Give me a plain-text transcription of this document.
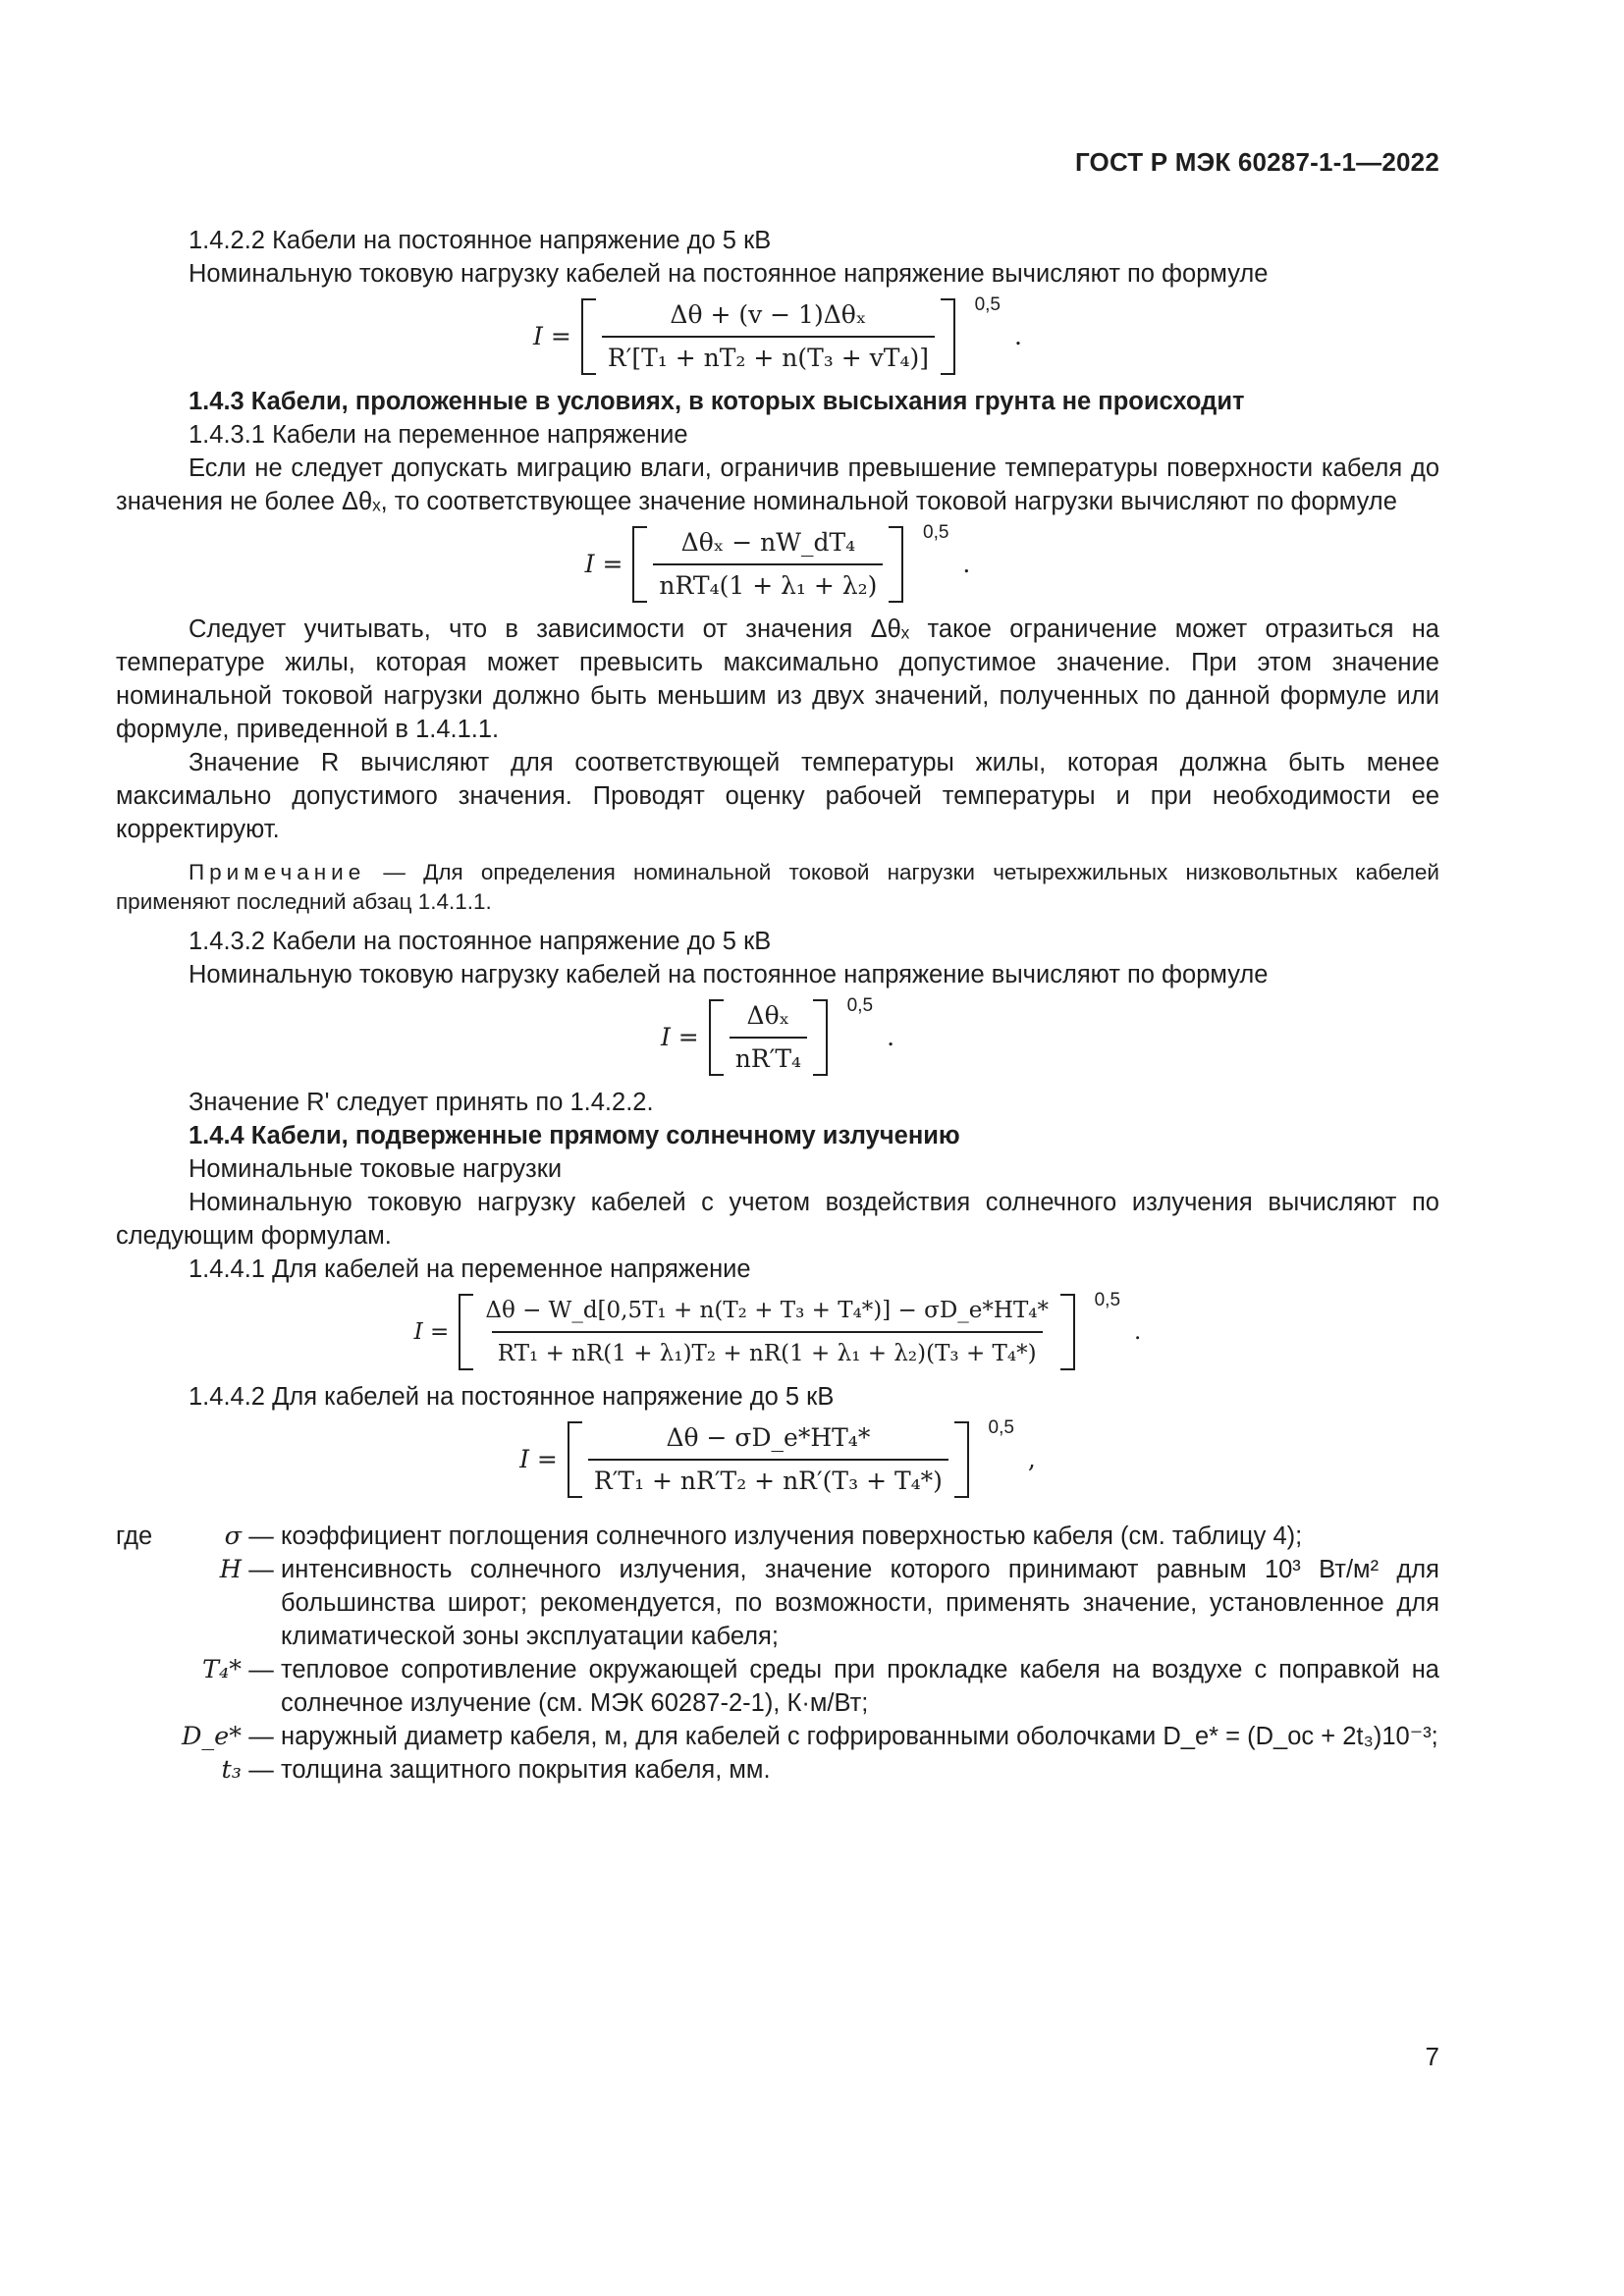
ГОСТ Р МЭК 60287-1-1—2022

1.4.2.2 Кабели на постоянное напряжение до 5 кВ

Номинальную токовую нагрузку кабелей на постоянное напряжение вычисляют по формуле

$I = \frac{\text{Δθ + (v − 1)Δθₓ}}{\text{R′[T₁ + nT₂ + n(T₃ + vT₄)]}} 0,5$
.

1.4.3 Кабели, проложенные в условиях, в которых высыхания грунта не происходит

1.4.3.1 Кабели на переменное напряжение

Если не следует допускать миграцию влаги, ограничив превышение температуры поверхности кабеля до значения не более Δθₓ, то соответствующее значение номинальной токовой нагрузки вычисляют по формуле

$I = \frac{\text{Δθₓ − nW\_dT₄}}{\text{nRT₄(1 + λ₁ + λ₂)}} 0,5$
.

Следует учитывать, что в зависимости от значения Δθₓ такое ограничение может отразиться на температуре жилы, которая может превысить максимально допустимое значение. При этом значение номинальной токовой нагрузки должно быть меньшим из двух значений, полученных по данной формуле или формуле, приведенной в 1.4.1.1.

Значение R вычисляют для соответствующей температуры жилы, которая должна быть менее максимально допустимого значения. Проводят оценку рабочей температуры и при необходимости ее корректируют.

Примечание — Для определения номинальной токовой нагрузки четырехжильных низковольтных кабелей применяют последний абзац 1.4.1.1.

1.4.3.2 Кабели на постоянное напряжение до 5 кВ

Номинальную токовую нагрузку кабелей на постоянное напряжение вычисляют по формуле

$I = \frac{\text{Δθₓ}}{\text{nR′T₄}} 0,5$
.

Значение R' следует принять по 1.4.2.2.

1.4.4 Кабели, подверженные прямому солнечному излучению

Номинальные токовые нагрузки

Номинальную токовую нагрузку кабелей с учетом воздействия солнечного излучения вычисляют по следующим формулам.

1.4.4.1 Для кабелей на переменное напряжение

$I = \frac{\text{Δθ − W\_d[0,5T₁ + n(T₂ + T₃ + T₄*)] − σD\_e*HT₄*}}{\text{RT₁ + nR(1 + λ₁)T₂ + nR(1 + λ₁ + λ₂)(T₃ + T₄*)}} 0,5$
.

1.4.4.2 Для кабелей на постоянное напряжение до 5 кВ

$I = \frac{\text{Δθ − σD\_e*HT₄*}}{\text{R′T₁ + nR′T₂ + nR′(T₃ + T₄*)}} 0,5$
,
где	σ — коэффициент поглощения солнечного излучения поверхностью кабеля (см. таблицу 4);
H — интенсивность солнечного излучения, значение которого принимают равным 10³ Вт/м² для большинства широт; рекомендуется, по возможности, применять значение, установленное для климатической зоны эксплуатации кабеля;
T₄* — тепловое сопротивление окружающей среды при прокладке кабеля на воздухе с поправкой на солнечное излучение (см. МЭК 60287-2-1), К·м/Вт;
D_e* — наружный диаметр кабеля, м, для кабелей с гофрированными оболочками D_e* = (D_oc + 2t₃)10⁻³;
t₃ — толщина защитного покрытия кабеля, мм.
7
